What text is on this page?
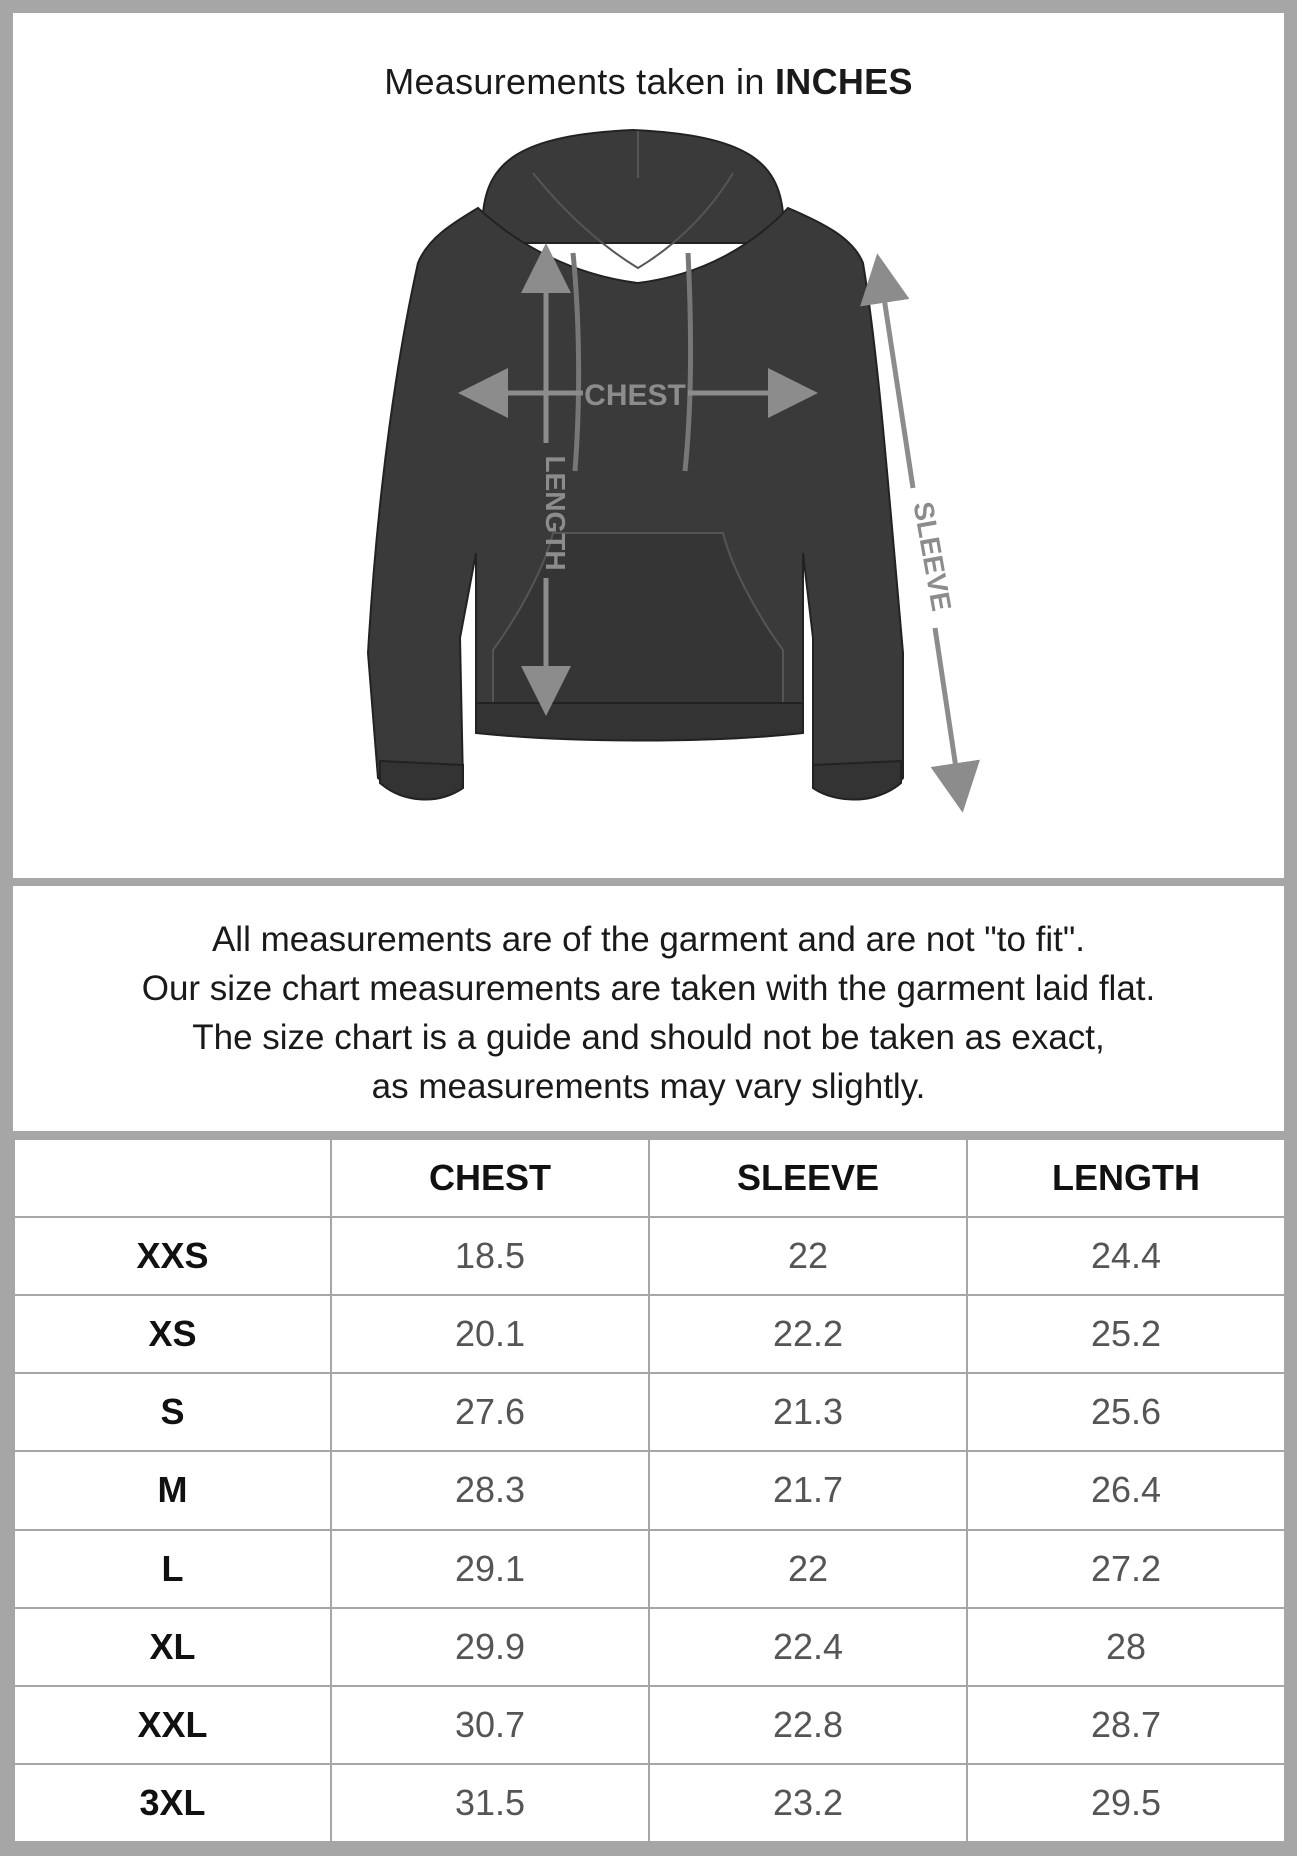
Measurements taken in INCHES
CHEST
LENGTH	SLEEVE

All measurements are of the garment and are not "to fit".

Our size chart measurements are taken with the garment laid flat.

The size chart is a guide and should not be taken as exact,

as measurements may vary slightly.

	CHEST	SLEEVE	LENGTH
XXS	18.5	22	24.4
XS	20.1	22.2	25.2
S	27.6	21.3	25.6
M	28.3	21.7	26.4
L	29.1	22	27.2
XL	29.9	22.4	28
XXL	30.7	22.8	28.7
3XL	31.5	23.2	29.5
